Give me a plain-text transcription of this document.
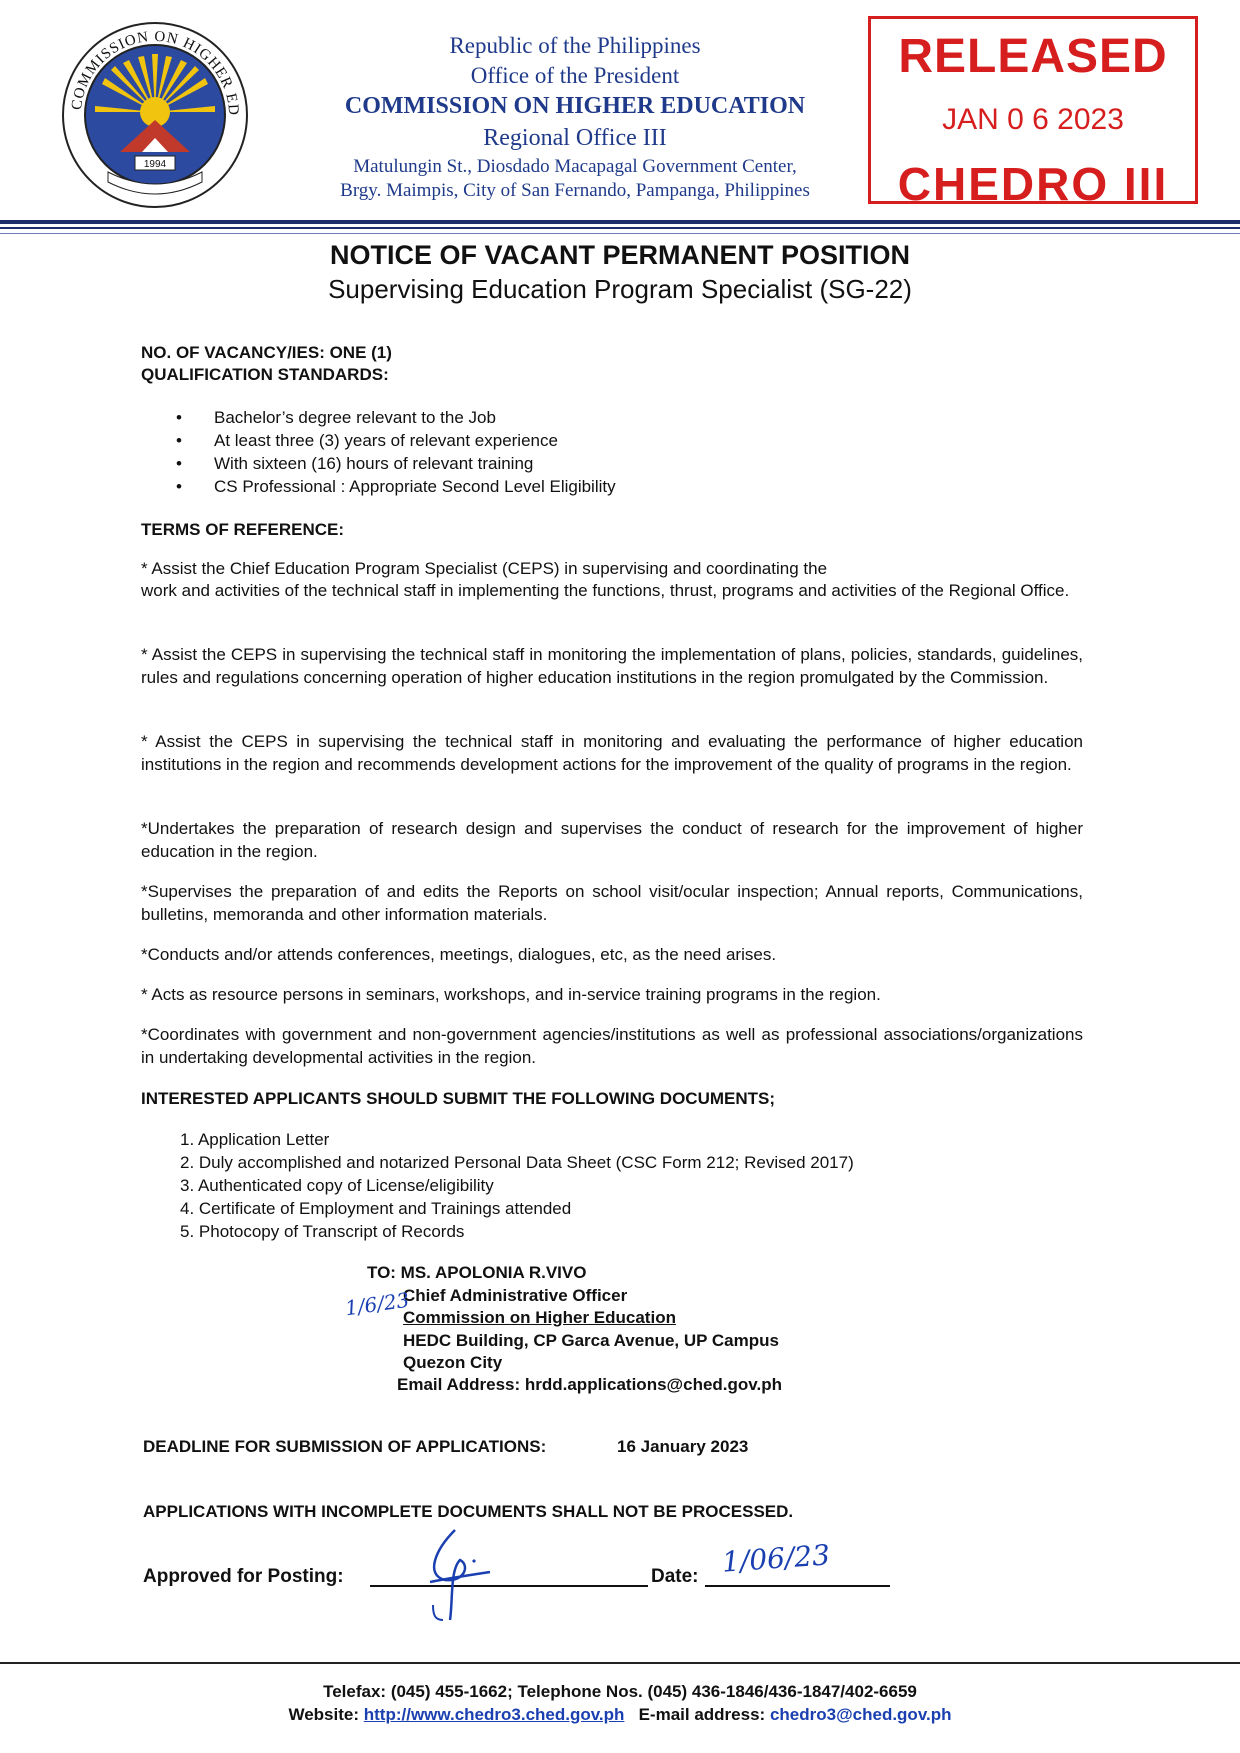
COMMISSION ON HIGHER ED
1994
Republic of the Philippines
Office of the President
COMMISSION ON HIGHER EDUCATION
Regional Office III
Matulungin St., Diosdado Macapagal Government Center,
Brgy. Maimpis, City of San Fernando, Pampanga, Philippines
RELEASED
JAN 0 6 2023
CHEDRO III
NOTICE OF VACANT PERMANENT POSITION
Supervising Education Program Specialist (SG-22)
NO. OF VACANCY/IES: ONE (1)
QUALIFICATION STANDARDS:
• Bachelor’s degree relevant to the Job
• At least three (3) years of relevant experience
• With sixteen (16) hours of relevant training
• CS Professional : Appropriate Second Level Eligibility
TERMS OF REFERENCE:
* Assist the Chief Education Program Specialist (CEPS) in supervising and coordinating the
work and activities of the technical staff in implementing the functions, thrust, programs and activities of the Regional Office.
* Assist the CEPS in supervising the technical staff in monitoring the implementation of plans, policies, standards, guidelines, rules and regulations concerning operation of higher education institutions in the region promulgated by the Commission.
* Assist the CEPS in supervising the technical staff in monitoring and evaluating the performance of higher education institutions in the region and recommends development actions for the improvement of the quality of programs in the region.
*Undertakes the preparation of research design and supervises the conduct of research for the improvement of higher education in the region.
*Supervises the preparation of and edits the Reports on school visit/ocular inspection; Annual reports, Communications, bulletins, memoranda and other information materials.
*Conducts and/or attends conferences, meetings, dialogues, etc, as the need arises.
* Acts as resource persons in seminars, workshops, and in-service training programs in the region.
*Coordinates with government and non-government agencies/institutions as well as professional associations/organizations in undertaking developmental activities in the region.
INTERESTED APPLICANTS SHOULD SUBMIT THE FOLLOWING DOCUMENTS;
1. Application Letter
2. Duly accomplished and notarized Personal Data Sheet (CSC Form 212; Revised 2017)
3. Authenticated copy of License/eligibility
4. Certificate of Employment and Trainings attended
5. Photocopy of Transcript of Records
TO: MS. APOLONIA R.VIVO
Chief Administrative Officer
Commission on Higher Education
HEDC Building, CP Garca Avenue, UP Campus
Quezon City
Email Address: hrdd.applications@ched.gov.ph
1/6/23
DEADLINE FOR SUBMISSION OF APPLICATIONS:	16 January 2023
APPLICATIONS WITH INCOMPLETE DOCUMENTS SHALL NOT BE PROCESSED.
Approved for Posting:	Date: 1/06/23
Telefax: (045) 455-1662; Telephone Nos. (045) 436-1846/436-1847/402-6659
Website: http://www.chedro3.ched.gov.ph E-mail address: chedro3@ched.gov.ph
